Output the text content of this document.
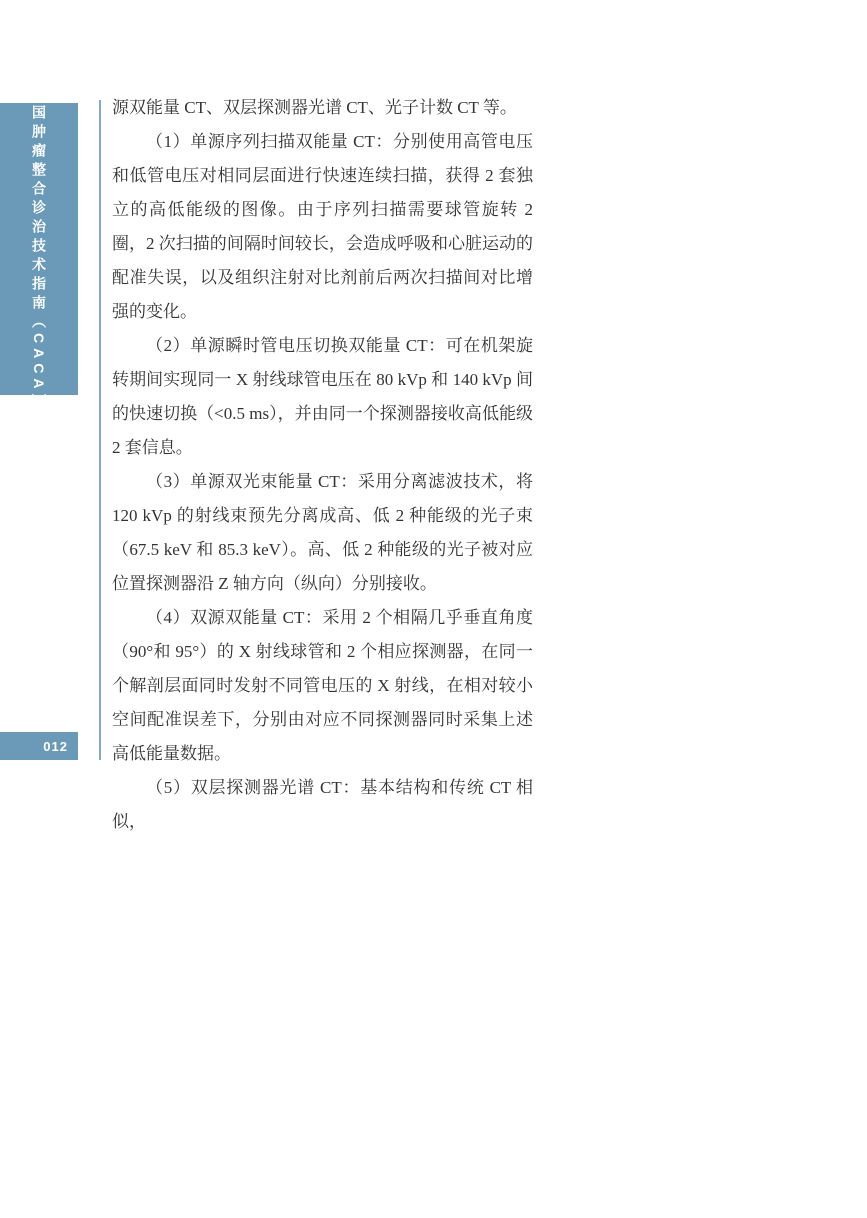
中国肿瘤整合诊治技术指南（CACA）
012

源双能量 CT、双层探测器光谱 CT、光子计数 CT 等。

（1）单源序列扫描双能量 CT：分别使用高管电压和低管电压对相同层面进行快速连续扫描，获得 2 套独立的高低能级的图像。由于序列扫描需要球管旋转 2 圈，2 次扫描的间隔时间较长，会造成呼吸和心脏运动的配准失误，以及组织注射对比剂前后两次扫描间对比增强的变化。

（2）单源瞬时管电压切换双能量 CT：可在机架旋转期间实现同一 X 射线球管电压在 80 kVp 和 140 kVp 间的快速切换（<0.5 ms），并由同一个探测器接收高低能级 2 套信息。

（3）单源双光束能量 CT：采用分离滤波技术，将 120 kVp 的射线束预先分离成高、低 2 种能级的光子束（67.5 keV 和 85.3 keV）。高、低 2 种能级的光子被对应位置探测器沿 Z 轴方向（纵向）分别接收。

（4）双源双能量 CT：采用 2 个相隔几乎垂直角度（90°和 95°）的 X 射线球管和 2 个相应探测器，在同一个解剖层面同时发射不同管电压的 X 射线，在相对较小空间配准误差下，分别由对应不同探测器同时采集上述高低能量数据。

（5）双层探测器光谱 CT：基本结构和传统 CT 相似，
